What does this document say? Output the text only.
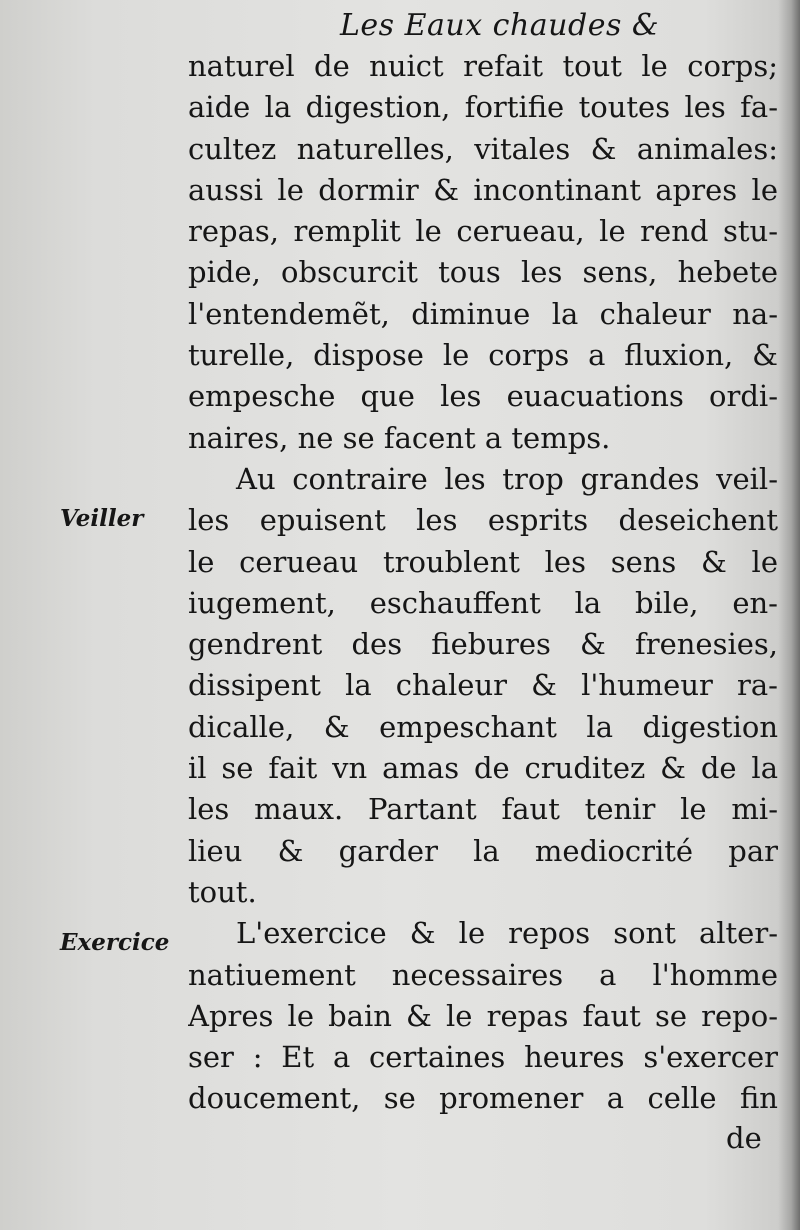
Les Eaux chaudes &
Veiller
Exercice
naturel de nuict refait tout le corps;
aide la digestion, fortifie toutes les fa-
cultez naturelles, vitales & animales:
aussi le dormir & incontinant apres le
repas, remplit le cerueau, le rend stu-
pide, obscurcit tous les sens, hebete
l'entendemẽt, diminue la chaleur na-
turelle, dispose le corps a fluxion, &
empesche que les euacuations ordi-
naires, ne se facent a temps.
Au contraire les trop grandes veil-
les epuisent les esprits deseichent
le cerueau troublent les sens & le
iugement, eschauffent la bile, en-
gendrent des fiebures & frenesies,
dissipent la chaleur & l'humeur ra-
dicalle, & empeschant la digestion
il se fait vn amas de cruditez & de la
les maux. Partant faut tenir le mi-
lieu & garder la mediocrité par
tout.
L'exercice & le repos sont alter-
natiuement necessaires a l'homme
Apres le bain & le repas faut se repo-
ser : Et a certaines heures s'exercer
doucement, se promener a celle fin
de
